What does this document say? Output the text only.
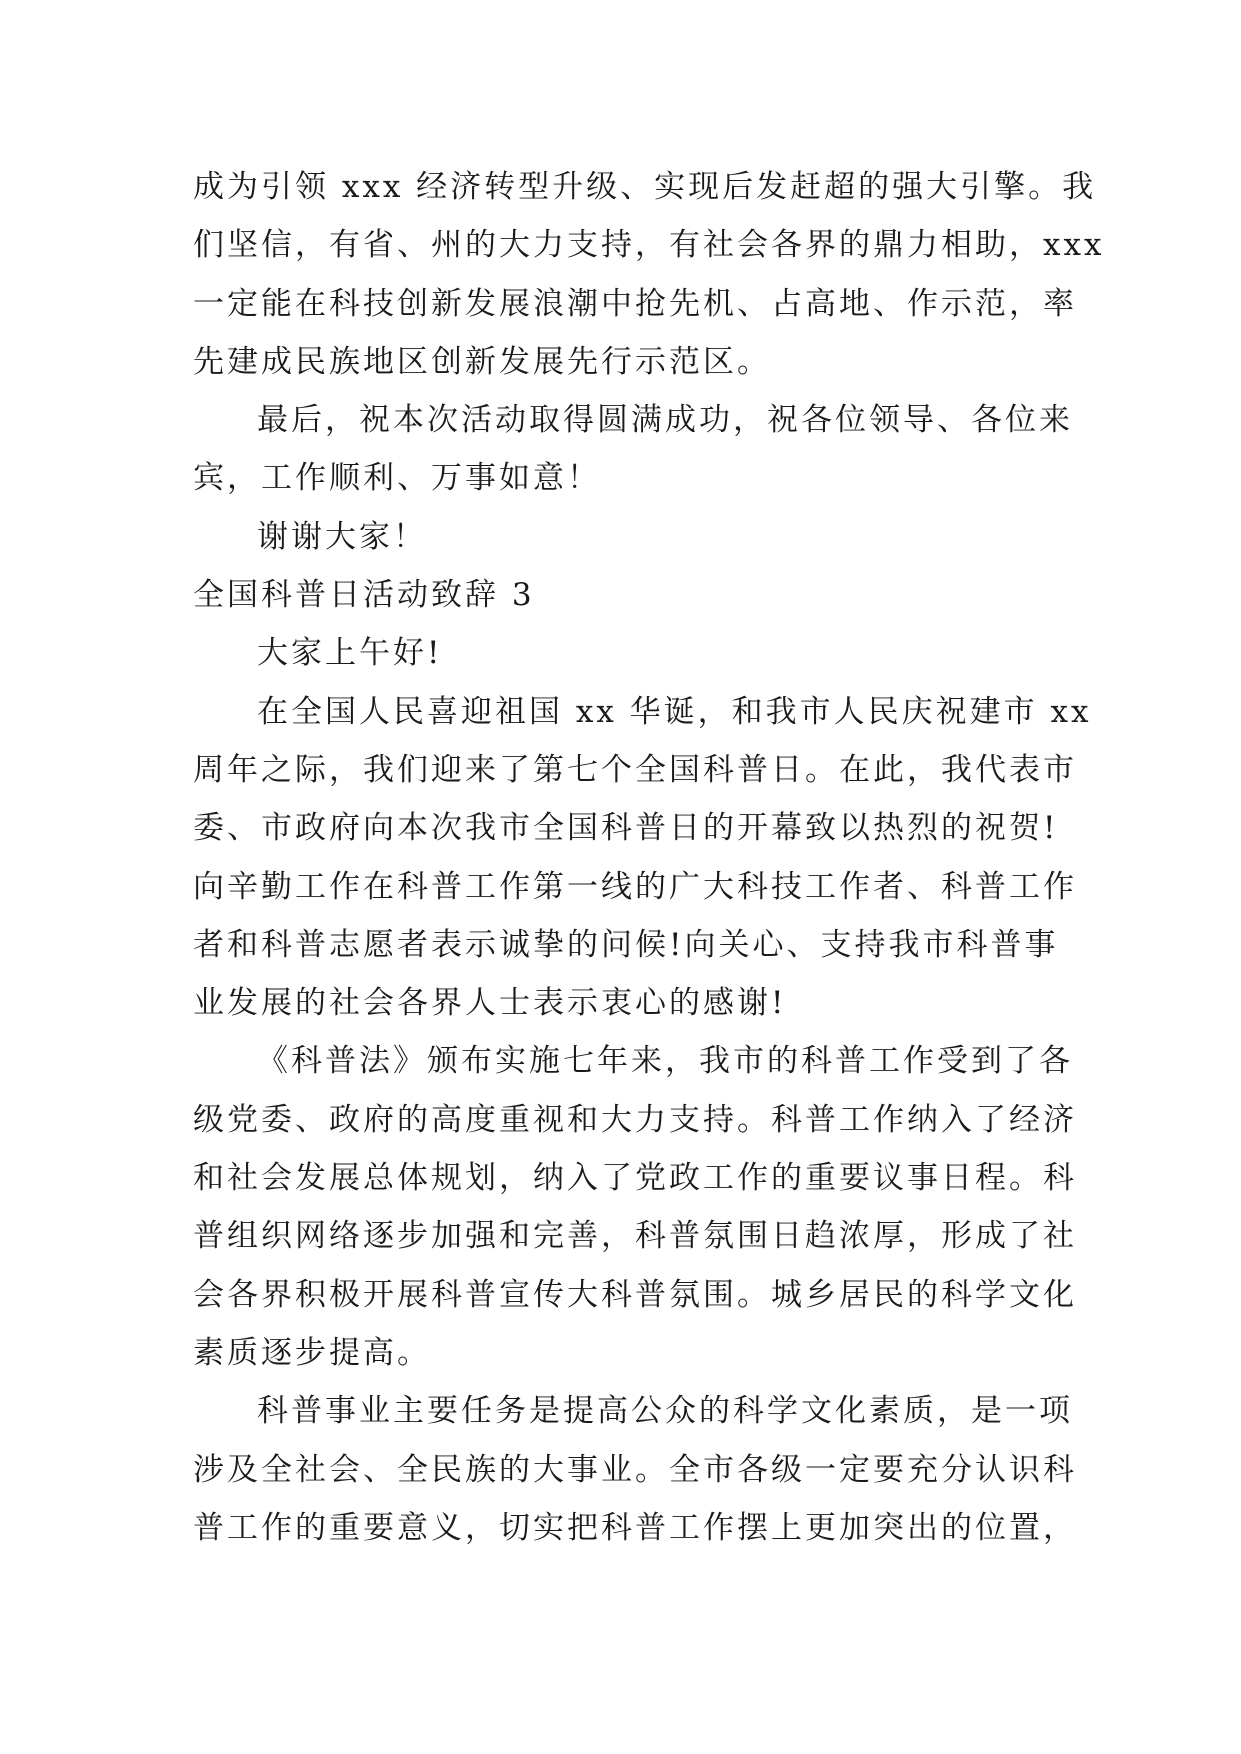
成为引领 xxx 经济转型升级、实现后发赶超的强大引擎。我
们坚信，有省、州的大力支持，有社会各界的鼎力相助，xxx
一定能在科技创新发展浪潮中抢先机、占高地、作示范，率
先建成民族地区创新发展先行示范区。
最后，祝本次活动取得圆满成功，祝各位领导、各位来
宾，工作顺利、万事如意！
谢谢大家！
全国科普日活动致辞 3
大家上午好!
在全国人民喜迎祖国 xx 华诞，和我市人民庆祝建市 xx
周年之际，我们迎来了第七个全国科普日。在此，我代表市
委、市政府向本次我市全国科普日的开幕致以热烈的祝贺!
向辛勤工作在科普工作第一线的广大科技工作者、科普工作
者和科普志愿者表示诚挚的问候!向关心、支持我市科普事
业发展的社会各界人士表示衷心的感谢!
《科普法》颁布实施七年来，我市的科普工作受到了各
级党委、政府的高度重视和大力支持。科普工作纳入了经济
和社会发展总体规划，纳入了党政工作的重要议事日程。科
普组织网络逐步加强和完善，科普氛围日趋浓厚，形成了社
会各界积极开展科普宣传大科普氛围。城乡居民的科学文化
素质逐步提高。
科普事业主要任务是提高公众的科学文化素质，是一项
涉及全社会、全民族的大事业。全市各级一定要充分认识科
普工作的重要意义，切实把科普工作摆上更加突出的位置，
